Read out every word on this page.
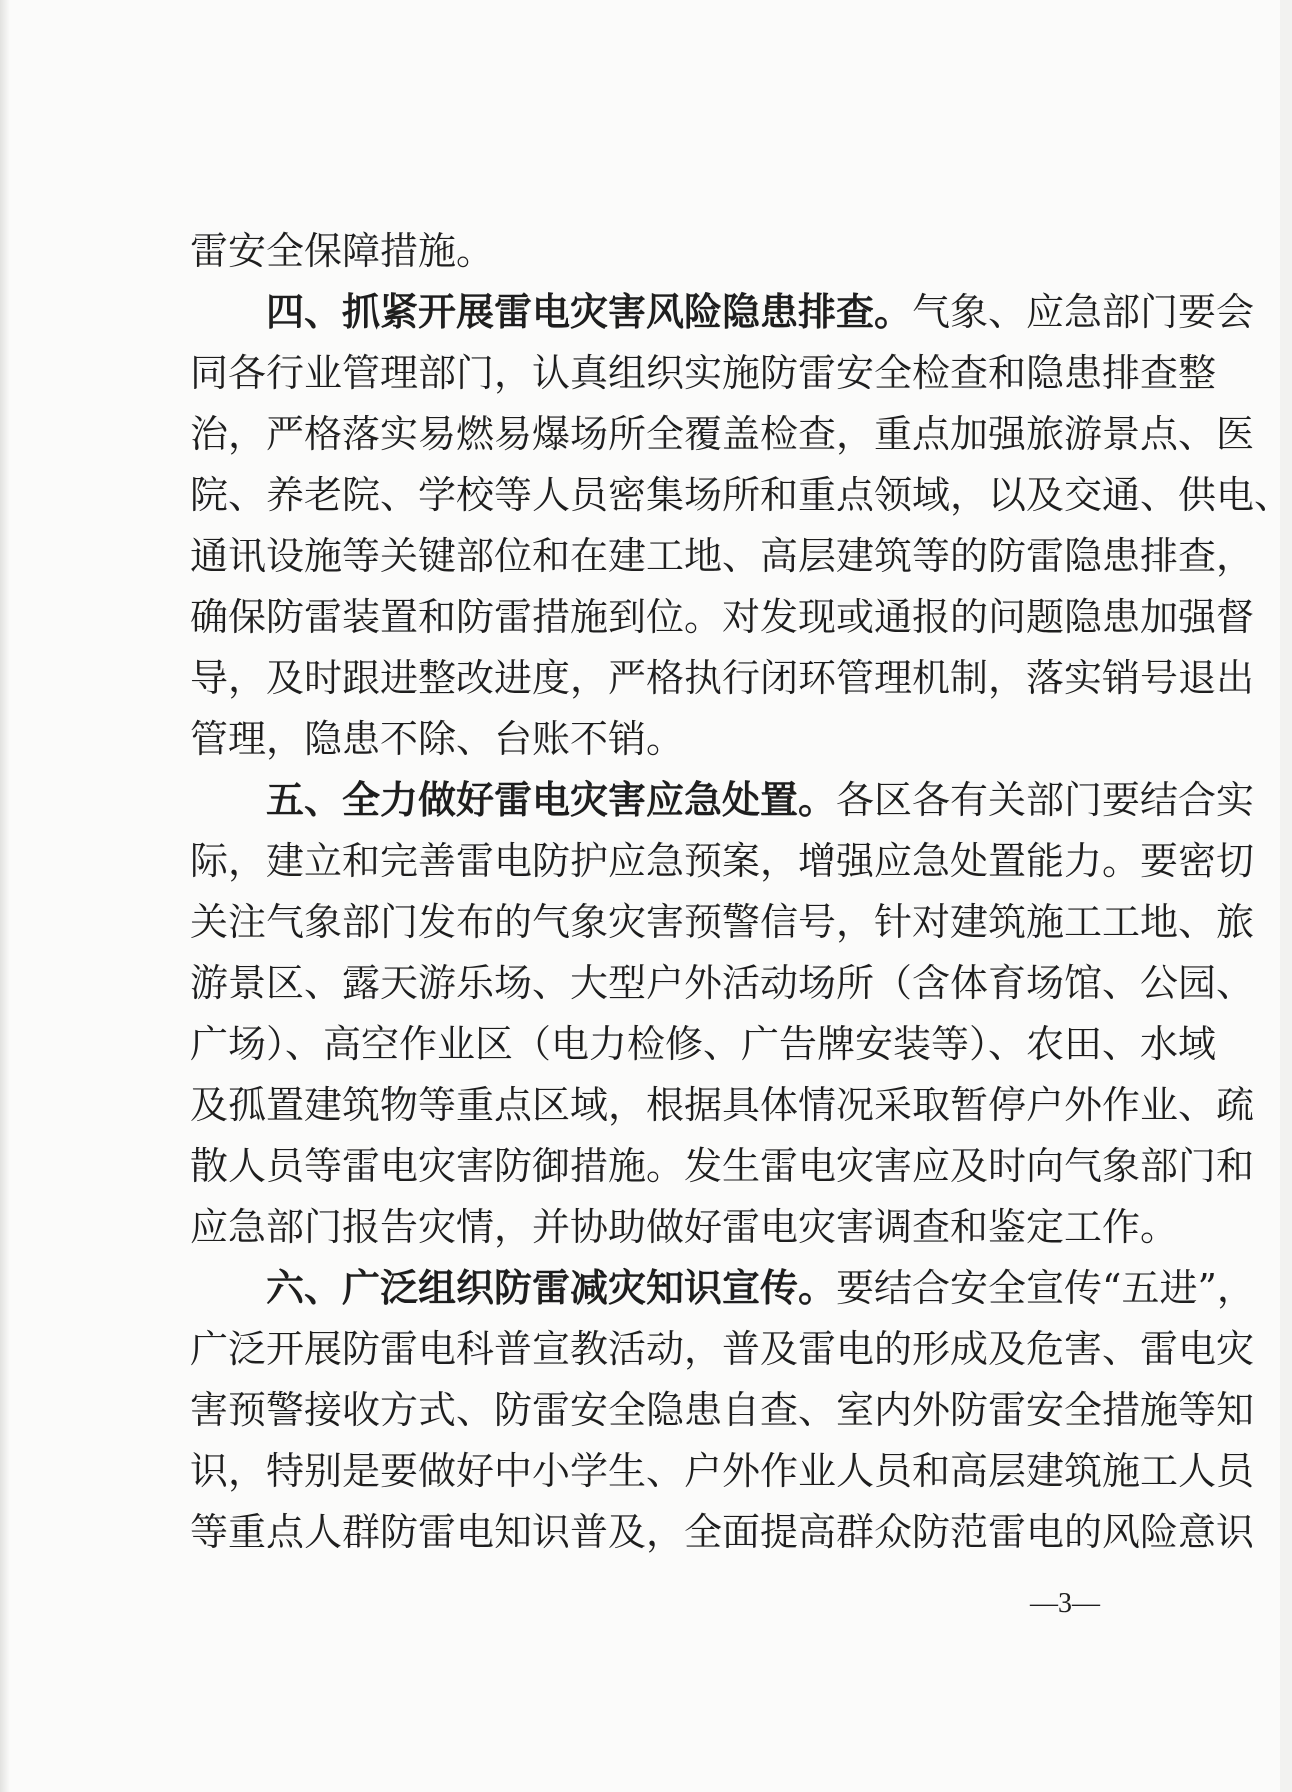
雷安全保障措施。
四、抓紧开展雷电灾害风险隐患排查。气象、应急部门要会
同各行业管理部门，认真组织实施防雷安全检查和隐患排查整
治，严格落实易燃易爆场所全覆盖检查，重点加强旅游景点、医
院、养老院、学校等人员密集场所和重点领域，以及交通、供电、
通讯设施等关键部位和在建工地、高层建筑等的防雷隐患排查，
确保防雷装置和防雷措施到位。对发现或通报的问题隐患加强督
导，及时跟进整改进度，严格执行闭环管理机制，落实销号退出
管理，隐患不除、台账不销。
五、全力做好雷电灾害应急处置。各区各有关部门要结合实
际，建立和完善雷电防护应急预案，增强应急处置能力。要密切
关注气象部门发布的气象灾害预警信号，针对建筑施工工地、旅
游景区、露天游乐场、大型户外活动场所（含体育场馆、公园、
广场）、高空作业区（电力检修、广告牌安装等）、农田、水域
及孤置建筑物等重点区域，根据具体情况采取暂停户外作业、疏
散人员等雷电灾害防御措施。发生雷电灾害应及时向气象部门和
应急部门报告灾情，并协助做好雷电灾害调查和鉴定工作。
六、广泛组织防雷减灾知识宣传。要结合安全宣传“五进”，
广泛开展防雷电科普宣教活动，普及雷电的形成及危害、雷电灾
害预警接收方式、防雷安全隐患自查、室内外防雷安全措施等知
识，特别是要做好中小学生、户外作业人员和高层建筑施工人员
等重点人群防雷电知识普及，全面提高群众防范雷电的风险意识
—3—
